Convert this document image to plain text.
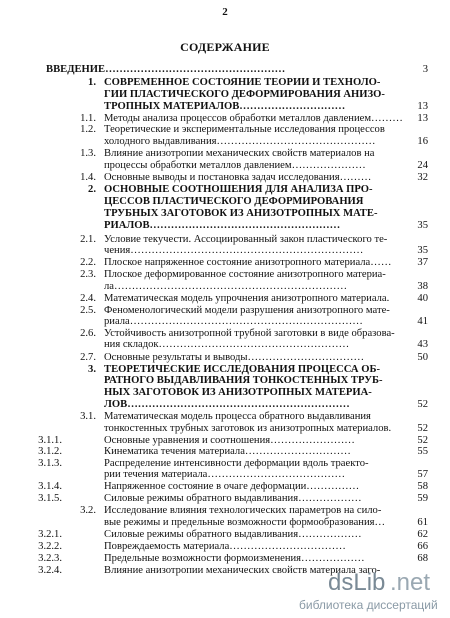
2
СОДЕРЖАНИЕ
ВВЕДЕНИЕ……………………………………………	3
1. СОВРЕМЕННОЕ СОСТОЯНИЕ ТЕОРИИ И ТЕХНОЛО-
ГИИ ПЛАСТИЧЕСКОГО ДЕФОРМИРОВАНИЯ АНИЗО-
ТРОПНЫХ МАТЕРИАЛОВ…………………………	13
1.1. Методы анализа процессов обработки металлов давлением………	13
1.2. Теоретические и экспериментальные исследования процессов
холодного выдавливания………………………………………	16
1.3. Влияние анизотропии механических свойств материалов на
процессы обработки металлов давлением…………………	24
1.4. Основные выводы и постановка задач исследования………	32
2. ОСНОВНЫЕ СООТНОШЕНИЯ ДЛЯ АНАЛИЗА ПРО-
ЦЕССОВ ПЛАСТИЧЕСКОГО ДЕФОРМИРОВАНИЯ
ТРУБНЫХ ЗАГОТОВОК ИЗ АНИЗОТРОПНЫХ МАТЕ-
РИАЛОВ………………………………………………	35
2.1. Условие текучести. Ассоциированный закон пластического те-
чения…………………………………………………………	35
2.2. Плоское напряженное состояние анизотропного материала……	37
2.3. Плоское деформированное состояние анизотропного материа-
ла…………………………………………………………	38
2.4. Математическая модель упрочнения анизотропного материала.	40
2.5. Феноменологический модели разрушения анизотропного мате-
риала…………………………………………………………	41
2.6. Устойчивость анизотропной трубной заготовки в виде образова-
ния складок………………………………………………	43
2.7. Основные результаты и выводы……………………………	50
3. ТЕОРЕТИЧЕСКИЕ ИССЛЕДОВАНИЯ ПРОЦЕССА ОБ-
РАТНОГО ВЫДАВЛИВАНИЯ ТОНКОСТЕННЫХ ТРУБ-
НЫХ ЗАГОТОВОК ИЗ АНИЗОТРОПНЫХ МАТЕРИА-
ЛОВ………………………………………………………	52
3.1. Математическая модель процесса обратного выдавливания
тонкостенных трубных заготовок из анизотропных материалов.	52
3.1.1.	Основные уравнения и соотношения……………………	52
3.1.2.	Кинематика течения материала…………………………	55
3.1.3.	Распределение интенсивности деформации вдоль траекто-
рии течения материала…………………………………	57
3.1.4.	Напряженное состояние в очаге деформации……………	58
3.1.5.	Силовые режимы обратного выдавливания………………	59
3.2. Исследование влияния технологических параметров на сило-
вые режимы и предельные возможности формообразования…	61
3.2.1.	Силовые режимы обратного выдавливания………………	62
3.2.2.	Повреждаемость материала……………………………	66
3.2.3.	Предельные возможности формоизменения………………	68
3.2.4.	Влияние анизотропии механических свойств материала заго-
dsLib .net
библиотека диссертаций
